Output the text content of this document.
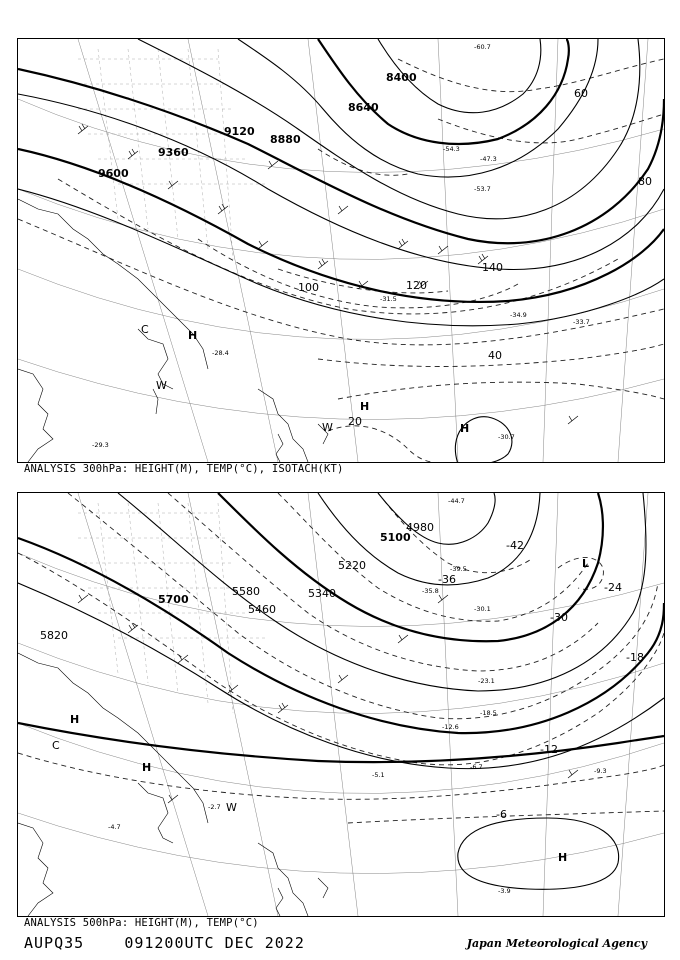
8400
8640
8880
9120
9360
9600
20
40
60
80
100	120
140
H
H
H
C
W
W
-28.4
-31.5
-33.7
-34.9
-30.7
-29.3
-54.3
-60.7
-47.3
-53.7
ANALYSIS 300hPa: HEIGHT(M), TEMP(°C), ISOTACH(KT)
4980
5100
5220
5340
5460
5580
5700
5820
-42
-36
-30
-24
-18
-12
-6
H
H
H
L
C
W
-44.7
-39.5
-35.8
-30.1
-23.1
-18.5
-12.6
-9.3
-6.7
-5.1
-4.7
-3.9
-2.7
ANALYSIS 500hPa: HEIGHT(M), TEMP(°C)
AUPQ35	091200UTC DEC 2022	Japan Meteorological Agency
